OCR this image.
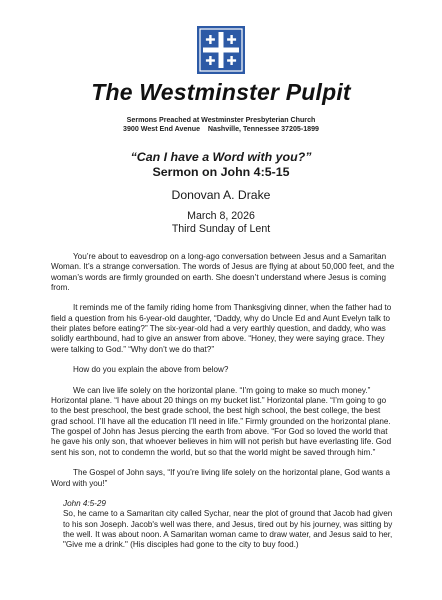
The Westminster Pulpit
Sermons Preached at Westminster Presbyterian Church
3900 West End Avenue    Nashville, Tennessee 37205-1899
“Can I have a Word with you?”
Sermon on John 4:5-15
Donovan A. Drake
March 8, 2026
Third Sunday of Lent

You’re about to eavesdrop on a long-ago conversation between Jesus and a Samaritan Woman. It’s a strange conversation. The words of Jesus are flying at about 50,000 feet, and the woman’s words are firmly grounded on earth. She doesn’t understand where Jesus is coming from.

It reminds me of the family riding home from Thanksgiving dinner, when the father had to field a question from his 6-year-old daughter, “Daddy, why do Uncle Ed and Aunt Evelyn talk to their plates before eating?” The six-year-old had a very earthly question, and daddy, who was solidly earthbound, had to give an answer from above. “Honey, they were saying grace. They were talking to God.” “Why don’t we do that?”

How do you explain the above from below?

We can live life solely on the horizontal plane. “I’m going to make so much money.” Horizontal plane. “I have about 20 things on my bucket list.” Horizontal plane. “I’m going to go to the best preschool, the best grade school, the best high school, the best college, the best grad school. I’ll have all the education I’ll need in life.” Firmly grounded on the horizontal plane. The gospel of John has Jesus piercing the earth from above. “For God so loved the world that he gave his only son, that whoever believes in him will not perish but have everlasting life. God sent his son, not to condemn the world, but so that the world might be saved through him.”

The Gospel of John says, “If you’re living life solely on the horizontal plane, God wants a Word with you!”

John 4:5-29

So, he came to a Samaritan city called Sychar, near the plot of ground that Jacob had given to his son Joseph. Jacob's well was there, and Jesus, tired out by his journey, was sitting by the well. It was about noon. A Samaritan woman came to draw water, and Jesus said to her, "Give me a drink." (His disciples had gone to the city to buy food.)
